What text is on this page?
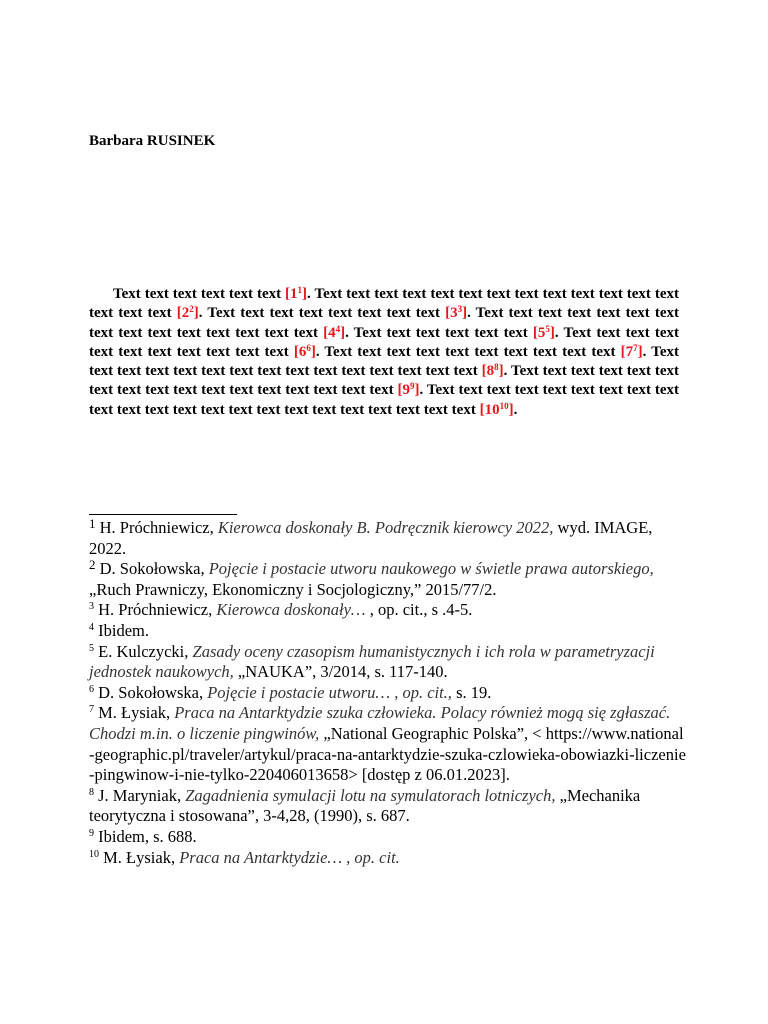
Barbara RUSINEK

Text text text text text text $[1^1]$. Text text text text text text text text text text text text text text text text $[2^2]$. Text text text text text text text text $[3^3]$. Text text text text text text text text text text text text text text text $[4^4]$. Text text text text text text $[5^5]$. Text text text text text text text text text text text $[6^6]$. Text text text text text text text text text text $[7^7]$. Text text text text text text text text text text text text text text text $[8^8]$. Text text text text text text text text text text text text text text text text text $[9^9]$. Text text text text text text text text text text text text text text text text text text text text text text text $[10^{10}]$.

$^1$ H. Próchniewicz, Kierowca doskonały B. Podręcznik kierowcy 2022, wyd. IMAGE, 2022.
$^2$ D. Sokołowska, Pojęcie i postacie utworu naukowego w świetle prawa autorskiego, „Ruch Prawniczy, Ekonomiczny i Socjologiczny,” 2015/77/2.
$^3$ H. Próchniewicz, Kierowca doskonały… , op. cit., s .4-5.
$^4$ Ibidem.
$^5$ E. Kulczycki, Zasady oceny czasopism humanistycznych i ich rola w parametryzacji jednostek naukowych, „NAUKA”, 3/2014, s. 117-140.
$^6$ D. Sokołowska, Pojęcie i postacie utworu… , op. cit., s. 19.
$^7$ M. Łysiak, Praca na Antarktydzie szuka człowieka. Polacy również mogą się zgłaszać. Chodzi m.in. o liczenie pingwinów, „National Geographic Polska”, < https://www.national-geographic.pl/traveler/artykul/praca-na-antarktydzie-szuka-czlowieka-obowiazki-liczenie-pingwinow-i-nie-tylko-220406013658> [dostęp z 06.01.2023].
$^8$ J. Maryniak, Zagadnienia symulacji lotu na symulatorach lotniczych, „Mechanika teorytyczna i stosowana”, 3-4,28, (1990), s. 687.
$^9$ Ibidem, s. 688.
$^{10}$ M. Łysiak, Praca na Antarktydzie… , op. cit.
